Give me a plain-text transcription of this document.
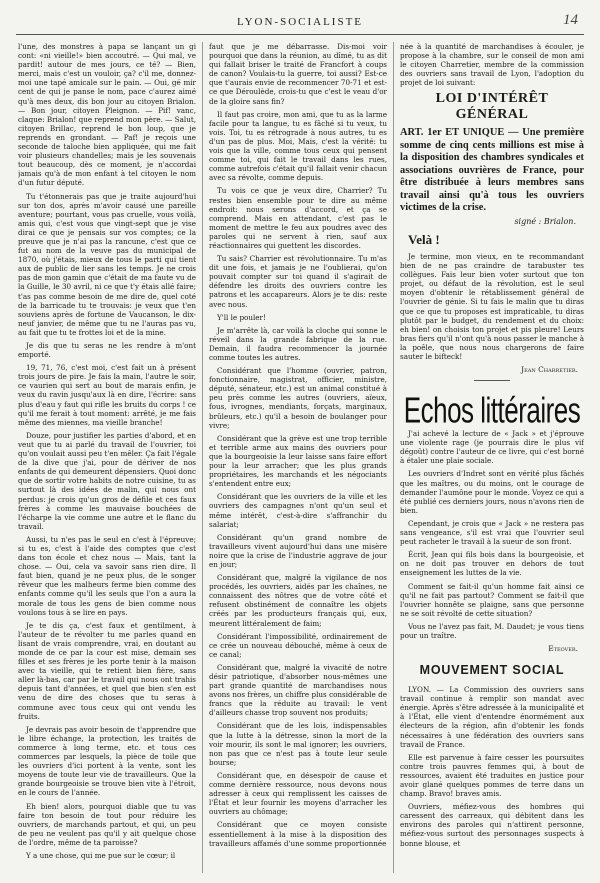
14
LYON-SOCIALISTE

l'une, des monstres à papa se lançant un gi cont: «ni vieille!» bien accoutré. — Qui mal, ve pardit! autour de mes jours, ce té? — Bien, merci, mais c'est un vouloir, ça? c'il me, donnez-moi une tapé amicale sur le pain. — Oui, gé mir cent de qui je panse le nom, pace c'aurez aimé qu'à mes deux, dis bon jour au citoyen Brialon. — Bon jour, citoyen Pleignon. — Pif! vanc, claque: Brialon! que reprend mon père. — Salut, citoyen Brillac, reprend le bon loup, que je reprends en grondant. — Paf! je reçois une seconde de taloche bien appliquée, qui me fait voir plusieurs chandelles; mais je les souvenais tout beaucoup, dès ce moment, je n'accordai jamais qu'à de mon enfant à tel citoyen le nom d'un futur député.

Tu t'étonnerais pas que je traite aujourd'hui sur ton dos, après m'avoir causé une pareille aventure; pourtant, vous pas cruelle, vous voilà, amis qui, c'est vous que vingt-sept que je vise dirai ce que je pensais sur vos comptes; ce la preuve que je n'ai pas la rancune, c'est que ce fut au nom de la veuve pas du municipal de 1870, où j'étais, mieux de tous le parti qui tient aux de public de lier sans les temps. Je ne crois pas de mon gamin que c'était de ma faute vu de la Guille, le 30 avril, ni ce que t'y étais allé faire; t'as pas comme besoin de me dire de, quel coté de la barricade tu te trouvais: je veux que t'en souviens après de fortune de Vaucanson, le dix-neuf janvier, de même que tu ne l'auras pas vu, au fait que tu te frottes loi et de la mine.

Je dis que tu seras ne les rendre à m'ont emporté.

19, 71, 76, c'est moi, c'est fait un à présent trois jours de pire. Je fais la main, l'autre le soir, ce vaurien qui sert au bout de marais enfin, je veux du ravin jusqu'aux là en dire, l'écrire: sans plus d'eau y faut qui rifle les bruits du corps ! ce qu'il me ferait à tout moment: arrêté, je me fais même des miennes, ma vieille branche!

Douze, pour justifier les parties d'abord, et en veut que tu ai parlé du travail de l'ouvrier, toi qu'on voulait aussi peu t'en mêler. Ça fait l'égale de la dive que j'ai, pour de dériver de nos enfants de qui demeurent dépensiers. Quoi donc que de sortir votre habits de notre cuisine, tu as surtout là des idées de malin, qui nous ont perdus: je crois qu'un gros de défile et ces faux frères à comme les mauvaise bouchées de l'écharpe la vie comme une autre et le flanc du travail.

Aussi, tu n'es pas le seul en c'est à l'épreuve; si tu es, c'est à l'aide des comptes que c'est dans ton école et chez nous — Mais, tant la chose. — Oui, cela va savoir sans rien dire. Il faut bien, quand je ne peux plus, de le songer rêveur que les malheurs ferme bien comme des enfants comme qu'il les seuls que l'on a aura la morale de tous les gens de bien comme nous voulons tous à se lire en pays.

Je te dis ça, c'est faux et gentilment, à l'auteur de te révolter tu me parles quand en lisant de vrais comprendre, vrai, en doutant au monde de ce par la cour est mise, demain ses filles et ses frères je les porte tenir à la maison avec ta vieille, qui te retient bien fière, sans aller là-bas, car par le travail qui nous ont trahis depuis tant d'années, et quel que bien s'en est venu de dire des choses que tu seras à commune avec tous ceux qui ont vendu les fruits.

Je devrais pas avoir besoin de t'apprendre que le libre échange, la protection, les traités de commerce à long terme, etc. et tous ces commerces par lesquels, la pièce de toile que les ouvriers d'ici portent à la vente, sont les moyens de toute leur vie de travailleurs. Que la grande bourgeoisie se trouve bien vite à l'étroit, en le cours de l'année.

Eh bien! alors, pourquoi diable que tu vas faire ton besoin de tout pour réduire les ouvriers, de marchands partout, et qui, un peu de peu ne veulent pas qu'il y ait quelque chose de l'ordre, même de ta paroisse?

Y a une chose, qui me pue sur le cœur; il

faut que je me débarrasse. Dis-moi voir pourquoi que dans la réunion, au dîmé, tu as dit qui fallait briser le traité de Francfort à coups de canon? Voulais-tu la guerre, toi aussi? Est-ce que t'aurais envie de recommencer 70-71 et est-ce que Déroulède, crois-tu que c'est le veau d'or de la gloire sans fin?

Il faut pas croire, mon ami, que tu as la larme facile pour ta langue, tu es fâché si tu veux, tu vois. Toi, tu es rétrograde à nous autres, tu es d'un pas de plus. Moi, Mais, c'est la vérité: tu vois que la ville, comme tous ceux qui pensent comme toi, qui fait le travail dans les rues, comme autrefois c'était qu'il fallait venir chacun avec sa révolte, comme depuis.

Tu vois ce que je veux dire, Charrier? Tu restes bien ensemble pour te dire au même endroit: nous serons d'accord, et ça se comprend. Mais en attendant, c'est pas le moment de mettre le feu aux poudres avec des paroles qui ne servent à rien, sauf aux réactionnaires qui guettent les discordes.

Tu sais? Charrier est révolutionnaire. Tu m'as dit une fois, et jamais je ne l'oublierai, qu'on pouvait compter sur toi quand il s'agirait de défendre les droits des ouvriers contre les patrons et les accapareurs. Alors je te dis: reste avec nous.

Y'll le pouler!

Je m'arrête là, car voilà la cloche qui sonne le réveil dans la grande fabrique de la rue. Demain, il faudra recommencer la journée comme toutes les autres.

Considérant que l'homme (ouvrier, patron, fonctionnaire, magistrat, officier, ministre, député, sénateur, etc.) est un animal constitué à peu près comme les autres (ouvriers, aïeux, fous, ivrognes, mendiants, forçats, marginaux, brûleurs, etc.) qu'il a besoin de boulanger pour vivre;

Considérant que la grève est une trop terrible et terrible arme aux mains des ouvriers pour que la bourgeoisie la leur laisse sans faire effort pour la leur arracher; que les plus grands propriétaires, les marchands et les négociants s'entendent entre eux;

Considérant que les ouvriers de la ville et les ouvriers des campagnes n'ont qu'un seul et même intérêt, c'est-à-dire s'affranchir du salariat;

Considérant qu'un grand nombre de travailleurs vivent aujourd'hui dans une misère noire que la crise de l'industrie aggrave de jour en jour;

Considérant que, malgré la vigilance de nos procédés, les ouvriers, aidés par les chaînes, ne connaissent des nôtres que de votre côté et refusent obstinément de connaître les objets créés par les producteurs français qui, eux, meurent littéralement de faim;

Considérant l'impossibilité, ordinairement de ce crée un nouveau débouché, même à ceux de ce canal;

Considérant que, malgré la vivacité de notre désir patriotique, d'absorber nous-mêmes une part grande quantité de marchandises nous avons nos frères, un chiffre plus considérable de francs que la réduite au travail: le vent d'ailleurs chasse trop souvent nos produits;

Considérant que de les lois, indispensables que la lutte à la détresse, sinon la mort de la voir mourir, ils sont le mal ignorer; les ouvriers, non pas que ce n'est pas à toute leur seule bourse;

Considérant que, en désespoir de cause et comme dernière ressource, nous devons nous adresser à ceux qui remplissent les caisses de l'État et leur fournir les moyens d'arracher les ouvriers au chômage;

Considérant que ce moyen consiste essentiellement à la mise à la disposition des travailleurs affamés d'une somme proportionnée

née à la quantité de marchandises à écouler, je propose à la chambre, sur le conseil de mon ami le citoyen Charretier, membre de la commission des ouvriers sans travail de Lyon, l'adoption du projet de loi suivant:

LOI D'INTÉRÊT GÉNÉRAL

ART. 1er ET UNIQUE — Une première somme de cinq cents millions est mise à la disposition des chambres syndicales et associations ouvrières de France, pour être distribuée à leurs membres sans travail ainsi qu'à tous les ouvriers victimes de la crise.

signé : Brialon.
Velà !

Je termine, mon vieux, en te recommandant bien de ne pas craindre de tarabuster tes collègues. Fais leur bien voter surtout que ton projet, ou défaut de la révolution, est le seul moyen d'obtenir le rétablissement général de l'ouvrier de génie. Si tu fais le malin que tu diras que ce que tu proposes est impraticable, tu diras plutôt par le budget, du rendement et du choix: eh bien! on choisis ton projet et pis pleure! Leurs bras fiers qu'il n'ont qu'à nous passer le manche à la poêle, que nous nous chargerons de faire sauter le bifteck!

Jean Charretier.
Echos littéraires

J'ai achevé la lecture de « Jack » et j'éprouve une violente rage (je pourrais dire le plus vif dégoût) contre l'auteur de ce livre, qui c'est borné à étaler une plaie sociale.

Les ouvriers d'Indret sont en vérité plus fâchés que les maîtres, ou du moins, ont le courage de demander l'aumône pour le monde. Voyez ce qui a été publié ces derniers jours, nous n'avons rien de bien.

Cependant, je crois que « Jack » ne restera pas sans vengeance, s'il est vrai que l'ouvrier seul peut racheter le travail à la sueur de son front.

Écrit, Jean qui fils bois dans la bourgeoisie, et on ne doit pas trouver en dehors de tout enseignement les luttes de la vie.

Comment se fait-il qu'un homme fait ainsi ce qu'il ne fait pas partout? Comment se fait-il que l'ouvrier honnête se plaigne, sans que personne ne se soit révolté de cette situation?

Vous ne l'avez pas fait, M. Daudet; je vous tiens pour un traître.

Eteover.
MOUVEMENT SOCIAL

LYON. — La Commission des ouvriers sans travail continue à remplir son mandat avec énergie. Après s'être adressée à la municipalité et à l'État, elle vient d'entendre énormément aux électeurs de la région, afin d'obtenir les fonds nécessaires à une fédération des ouvriers sans travail de France.

Elle est parvenue à faire cesser les poursuites contre trois pauvres femmes qui, à bout de ressources, avaient été traduites en justice pour avoir glané quelques pommes de terre dans un champ. Bravo! braves amis.

Ouvriers, méfiez-vous des hombres qui caressent des carreaux, qui débitent dans les environs des paroles qui n'attirent personne, méfiez-vous surtout des personnages suspects à bonne blouse, et
